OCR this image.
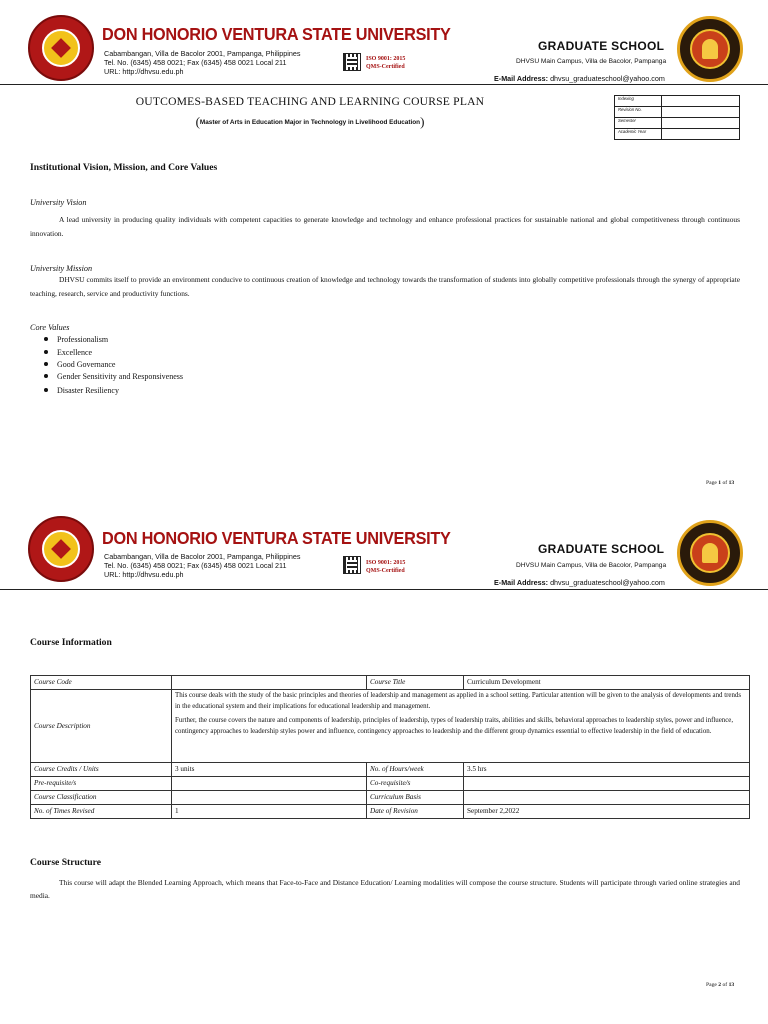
DON HONORIO VENTURA STATE UNIVERSITY
Cabambangan, Villa de Bacolor 2001, Pampanga, Philippines
Tel. No. (6345) 458 0021; Fax (6345) 458 0021 Local 211
URL: http://dhvsu.edu.ph
ISO 9001: 2015
QMS-Certified
GRADUATE SCHOOL
DHVSU Main Campus, Villa de Bacolor, Pampanga
E-Mail Address: dhvsu_graduateschool@yahoo.com
OUTCOMES-BASED TEACHING AND LEARNING COURSE PLAN
(Master of Arts in Education Major in Technology in Livelihood Education)
Indexing	
Revision No.	
Semester	
Academic Year	
Institutional Vision, Mission, and Core Values
University Vision
A lead university in producing quality individuals with competent capacities to generate knowledge and technology and enhance professional practices for sustainable national and global competitiveness through continuous innovation.
University Mission
DHVSU commits itself to provide an environment conducive to continuous creation of knowledge and technology towards the transformation of students into globally competitive professionals through the synergy of appropriate teaching, research, service and productivity functions.
Core Values
Professionalism
Excellence
Good Governance
Gender Sensitivity and Responsiveness
Disaster Resiliency
Page 1 of 13
DON HONORIO VENTURA STATE UNIVERSITY
Cabambangan, Villa de Bacolor 2001, Pampanga, Philippines
Tel. No. (6345) 458 0021; Fax (6345) 458 0021 Local 211
URL: http://dhvsu.edu.ph
ISO 9001: 2015
QMS-Certified
GRADUATE SCHOOL
DHVSU Main Campus, Villa de Bacolor, Pampanga
E-Mail Address: dhvsu_graduateschool@yahoo.com
Course Information
Course Code		Course Title	Curriculum Development
Course Description	This course deals with the study of the basic principles and theories of leadership and management as applied in a school setting. Particular attention will be given to the analysis of developments and trends in the educational system and their implications for educational leadership and management.

Further, the course covers the nature and components of leadership, principles of leadership, types of leadership traits, abilities and skills, behavioral approaches to leadership styles, power and influence, contingency approaches to leadership styles power and influence, contingency approaches to leadership and the different group dynamics essential to effective leadership in the field of education.		

Course Credits / Units	3 units	No. of Hours/week	3.5 hrs
Pre-requisite/s		Co-requisite/s	
Course Classification		Curriculum Basis	
No. of Times Revised	1	Date of Revision	September 2,2022
Course Structure
This course will adapt the Blended Learning Approach, which means that Face-to-Face and Distance Education/ Learning modalities will compose the course structure. Students will participate through varied online strategies and media.
Page 2 of 13
